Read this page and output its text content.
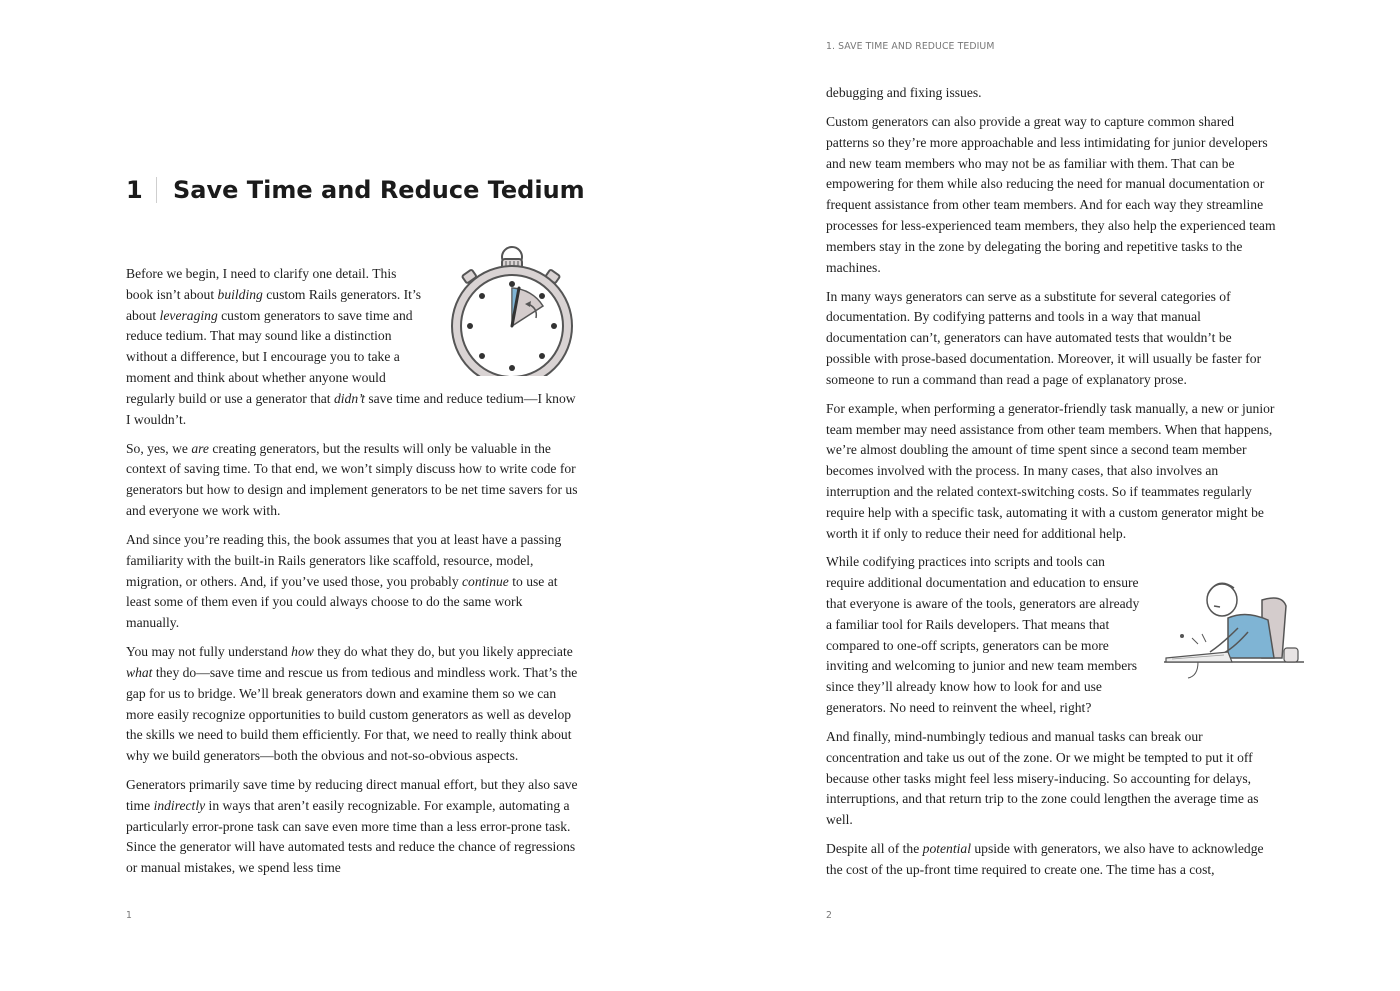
1 Save Time and Reduce Tedium

Before we begin, I need to clarify one detail. This book isn’t about building custom Rails generators. It’s about leveraging custom generators to save time and reduce tedium. That may sound like a distinction without a difference, but I encourage you to take a moment and think about whether anyone would regularly build or use a generator that didn’t save time and reduce tedium—I know I wouldn’t.

So, yes, we are creating generators, but the results will only be valuable in the context of saving time. To that end, we won’t simply discuss how to write code for generators but how to design and implement generators to be net time savers for us and everyone we work with.

And since you’re reading this, the book assumes that you at least have a passing familiarity with the built-in Rails generators like scaffold, resource, model, migration, or others. And, if you’ve used those, you probably continue to use at least some of them even if you could always choose to do the same work manually.

You may not fully understand how they do what they do, but you likely appreciate what they do—save time and rescue us from tedious and mindless work. That’s the gap for us to bridge. We’ll break generators down and examine them so we can more easily recognize opportunities to build custom generators as well as develop the skills we need to build them efficiently. For that, we need to really think about why we build generators—both the obvious and not-so-obvious aspects.

Generators primarily save time by reducing direct manual effort, but they also save time indirectly in ways that aren’t easily recognizable. For example, automating a particularly error-prone task can save even more time than a less error-prone task. Since the generator will have automated tests and reduce the chance of regressions or manual mistakes, we spend less time

1
1. SAVE TIME AND REDUCE TEDIUM

debugging and fixing issues.

Custom generators can also provide a great way to capture common shared patterns so they’re more approachable and less intimidating for junior developers and new team members who may not be as familiar with them. That can be empowering for them while also reducing the need for manual documentation or frequent assistance from other team members. And for each way they streamline processes for less-experienced team members, they also help the experienced team members stay in the zone by delegating the boring and repetitive tasks to the machines.

In many ways generators can serve as a substitute for several categories of documentation. By codifying patterns and tools in a way that manual documentation can’t, generators can have automated tests that wouldn’t be possible with prose-based documentation. Moreover, it will usually be faster for someone to run a command than read a page of explanatory prose.

For example, when performing a generator-friendly task manually, a new or junior team member may need assistance from other team members. When that happens, we’re almost doubling the amount of time spent since a second team member becomes involved with the process. In many cases, that also involves an interruption and the related context-switching costs. So if teammates regularly require help with a specific task, automating it with a custom generator might be worth it if only to reduce their need for additional help.

While codifying practices into scripts and tools can require additional documentation and education to ensure that everyone is aware of the tools, generators are already a familiar tool for Rails developers. That means that compared to one-off scripts, generators can be more inviting and welcoming to junior and new team members since they’ll already know how to look for and use generators. No need to reinvent the wheel, right?

And finally, mind-numbingly tedious and manual tasks can break our concentration and take us out of the zone. Or we might be tempted to put it off because other tasks might feel less misery-inducing. So accounting for delays, interruptions, and that return trip to the zone could lengthen the average time as well.

Despite all of the potential upside with generators, we also have to acknowledge the cost of the up-front time required to create one. The time has a cost,

2
